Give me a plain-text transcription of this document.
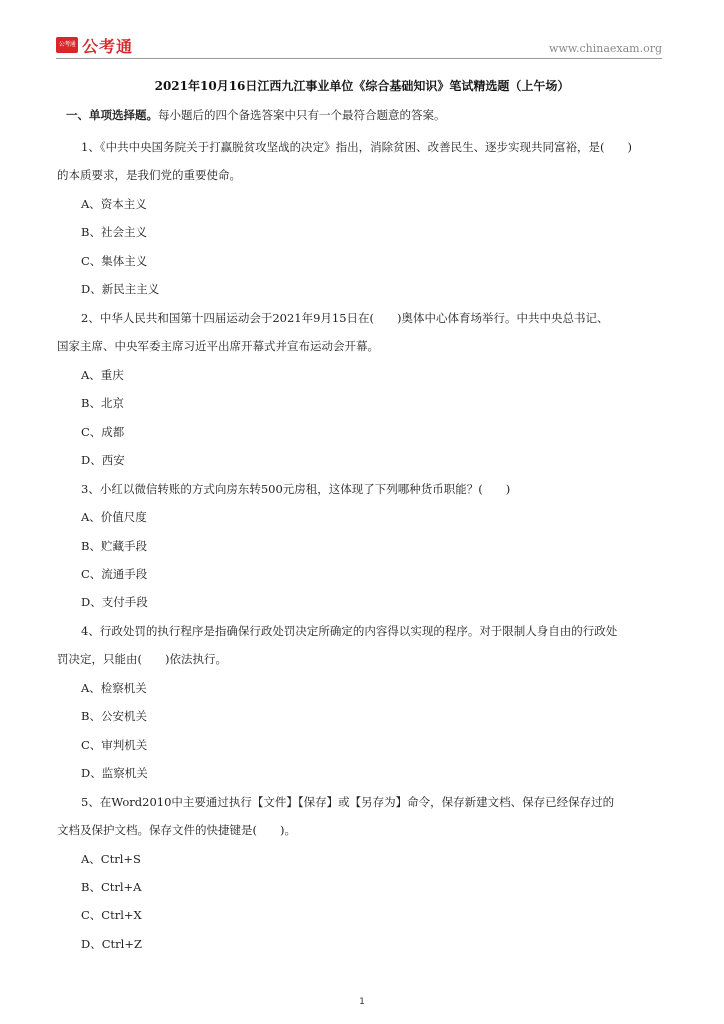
公考通 公考通	www.chinaexam.org
2021年10月16日江西九江事业单位《综合基础知识》笔试精选题（上午场）
一、单项选择题。每小题后的四个备选答案中只有一个最符合题意的答案。
1、《中共中央国务院关于打赢脱贫攻坚战的决定》指出，消除贫困、改善民生、逐步实现共同富裕，是(　　)
的本质要求，是我们党的重要使命。
A、资本主义
B、社会主义
C、集体主义
D、新民主主义
2、中华人民共和国第十四届运动会于2021年9月15日在(　　)奥体中心体育场举行。中共中央总书记、
国家主席、中央军委主席习近平出席开幕式并宣布运动会开幕。
A、重庆
B、北京
C、成都
D、西安
3、小红以微信转账的方式向房东转500元房租，这体现了下列哪种货币职能？(　　)
A、价值尺度
B、贮藏手段
C、流通手段
D、支付手段
4、行政处罚的执行程序是指确保行政处罚决定所确定的内容得以实现的程序。对于限制人身自由的行政处
罚决定，只能由(　　)依法执行。
A、检察机关
B、公安机关
C、审判机关
D、监察机关
5、在Word2010中主要通过执行【文件】【保存】或【另存为】命令，保存新建文档、保存已经保存过的
文档及保护文档。保存文件的快捷键是(　　)。
A、Ctrl+S
B、Ctrl+A
C、Ctrl+X
D、Ctrl+Z
1
